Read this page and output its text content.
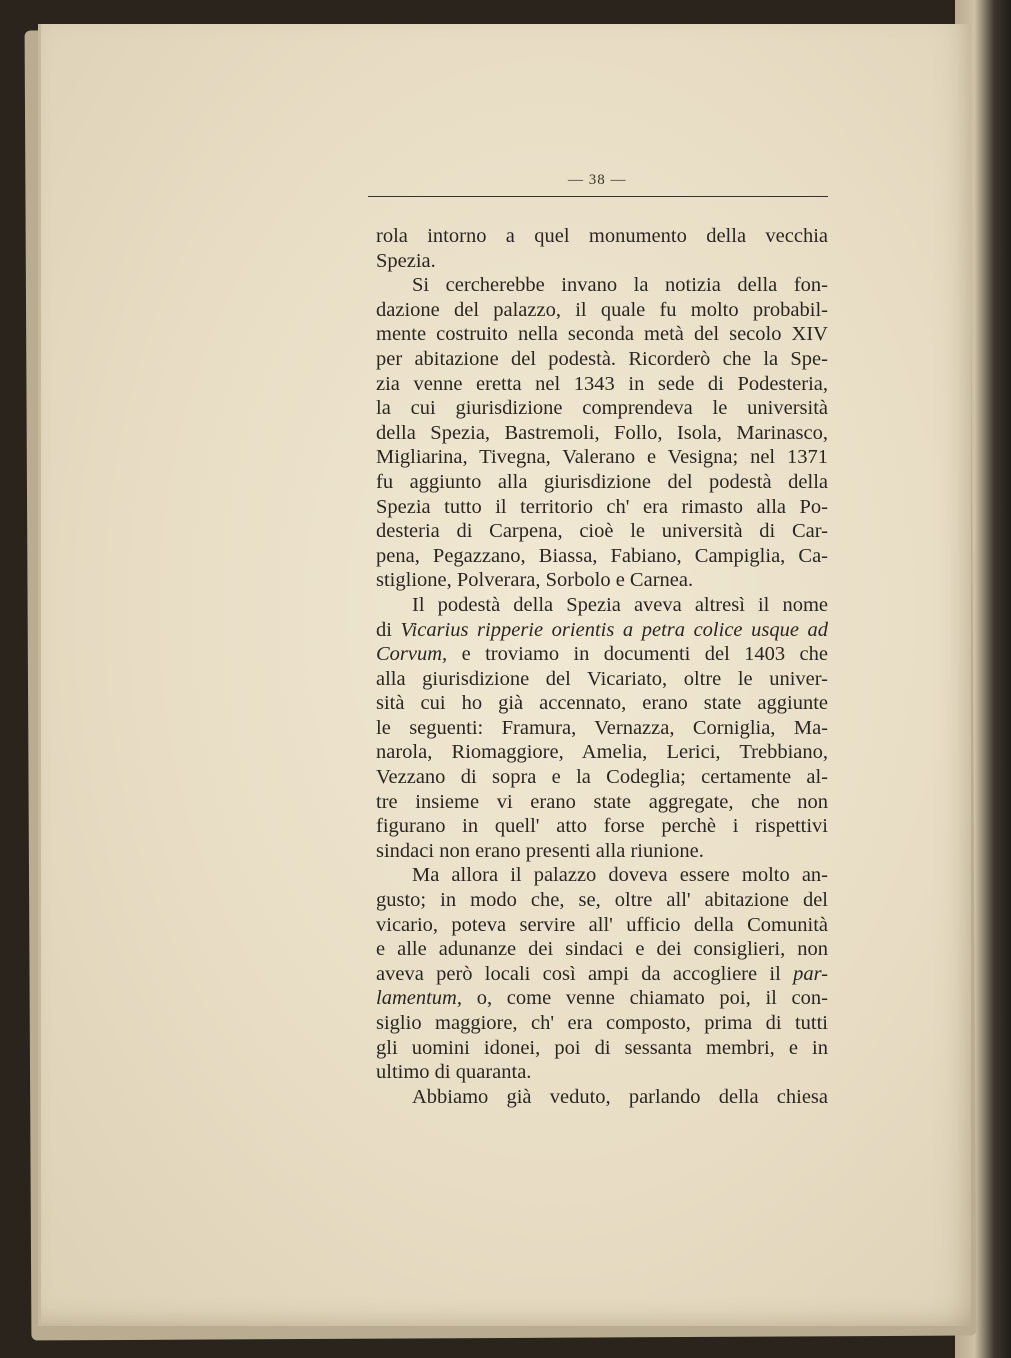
— 38 —
rola intorno a quel monumento della vecchia
Spezia.
Si cercherebbe invano la notizia della fon-
dazione del palazzo, il quale fu molto probabil-
mente costruito nella seconda metà del secolo XIV
per abitazione del podestà. Ricorderò che la Spe-
zia venne eretta nel 1343 in sede di Podesteria,
la cui giurisdizione comprendeva le università
della Spezia, Bastremoli, Follo, Isola, Marinasco,
Migliarina, Tivegna, Valerano e Vesigna; nel 1371
fu aggiunto alla giurisdizione del podestà della
Spezia tutto il territorio ch' era rimasto alla Po-
desteria di Carpena, cioè le università di Car-
pena, Pegazzano, Biassa, Fabiano, Campiglia, Ca-
stiglione, Polverara, Sorbolo e Carnea.
Il podestà della Spezia aveva altresì il nome
di Vicarius ripperie orientis a petra colice usque ad
Corvum, e troviamo in documenti del 1403 che
alla giurisdizione del Vicariato, oltre le univer-
sità cui ho già accennato, erano state aggiunte
le seguenti: Framura, Vernazza, Corniglia, Ma-
narola, Riomaggiore, Amelia, Lerici, Trebbiano,
Vezzano di sopra e la Codeglia; certamente al-
tre insieme vi erano state aggregate, che non
figurano in quell' atto forse perchè i rispettivi
sindaci non erano presenti alla riunione.
Ma allora il palazzo doveva essere molto an-
gusto; in modo che, se, oltre all' abitazione del
vicario, poteva servire all' ufficio della Comunità
e alle adunanze dei sindaci e dei consiglieri, non
aveva però locali così ampi da accogliere il par-
lamentum, o, come venne chiamato poi, il con-
siglio maggiore, ch' era composto, prima di tutti
gli uomini idonei, poi di sessanta membri, e in
ultimo di quaranta.
Abbiamo già veduto, parlando della chiesa
